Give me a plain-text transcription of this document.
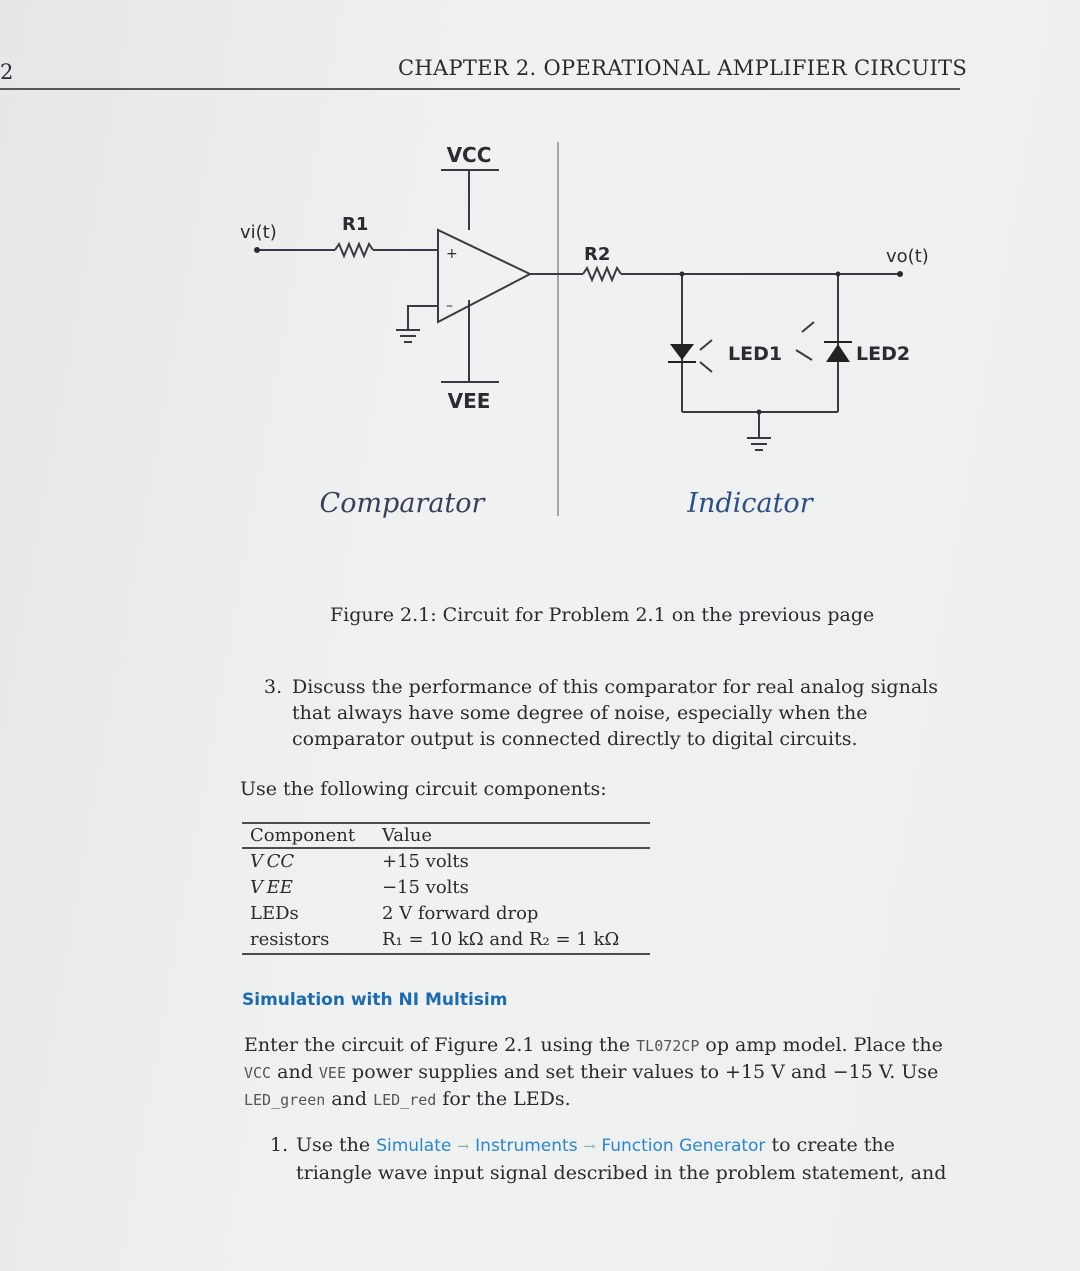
2	CHAPTER 2. OPERATIONAL AMPLIFIER CIRCUITS
VCC
VEE
vi(t)	R1
R2	vo(t)
LED1	LED2
+
–
Comparator	Indicator
Figure 2.1: Circuit for Problem 2.1 on the previous page
3. Discuss the performance of this comparator for real analog signals that always have some degree of noise, especially when the comparator output is connected directly to digital circuits.
Use the following circuit components:
Component	Value
V CC	+15 volts
V EE	−15 volts
LEDs	2 V forward drop
resistors	R₁ = 10 kΩ and R₂ = 1 kΩ
Simulation with NI Multisim
Enter the circuit of Figure 2.1 using the TL072CP op amp model. Place the VCC and VEE power supplies and set their values to +15 V and −15 V. Use LED_green and LED_red for the LEDs.
1. Use the Simulate → Instruments → Function Generator to create the triangle wave input signal described in the problem statement, and
